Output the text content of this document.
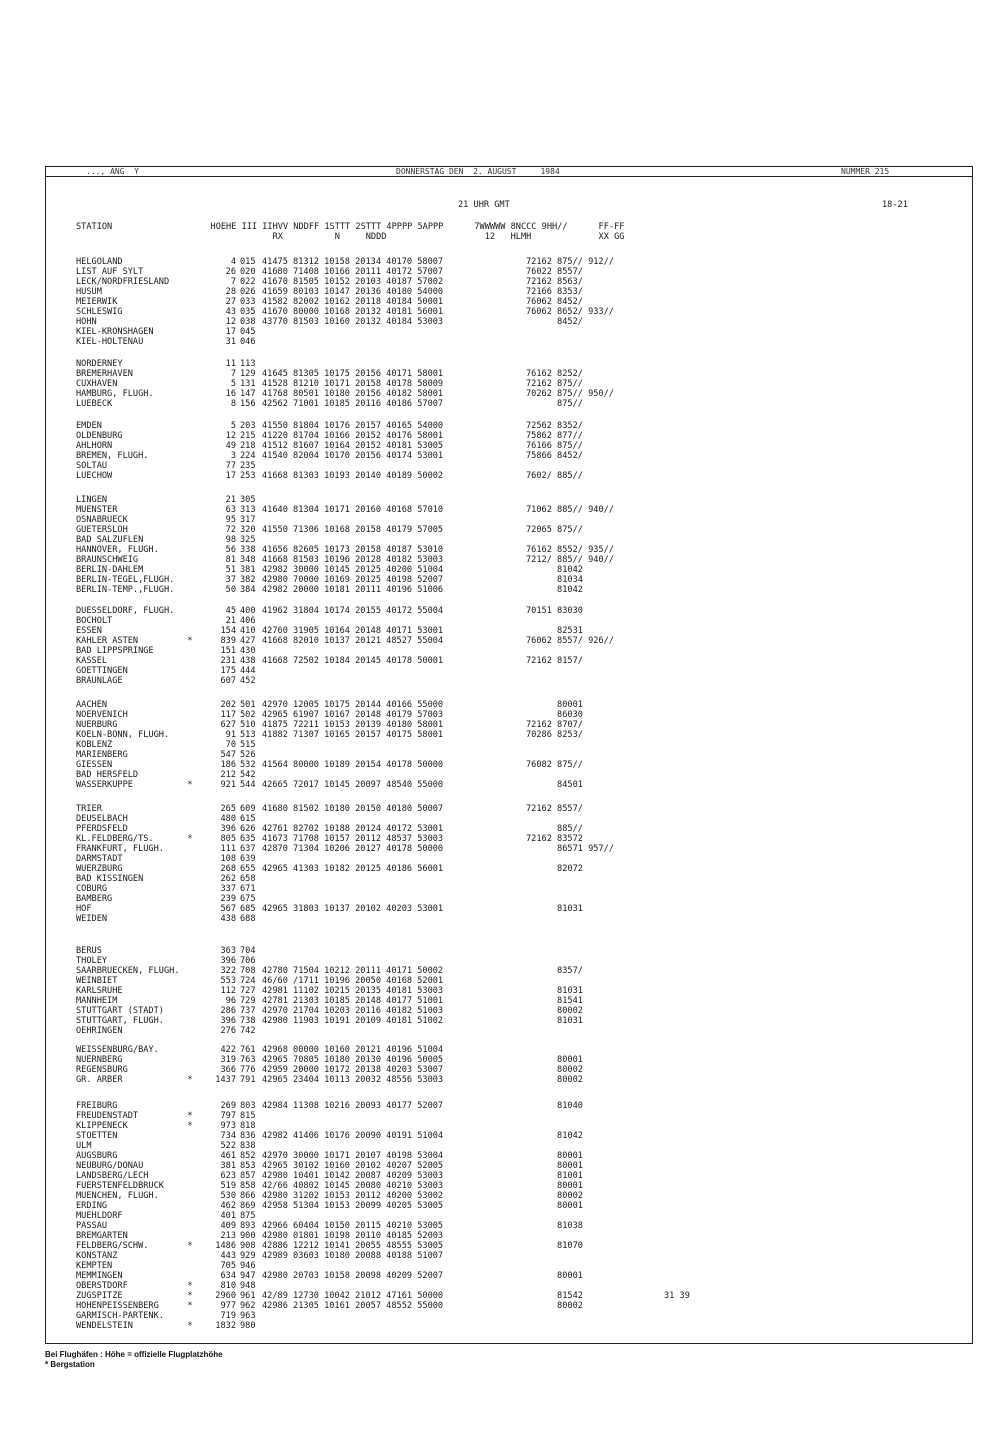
..., ANG  Y	DONNERSTAG DEN  2. AUGUST     1984	NUMMER 215
21 UHR GMT	18-21
STATION                   HOEHE III IIHVV NDDFF 1STTT 2STTT 4PPPP 5APPP      7WWWWW 8NCCC 9HH//      FF-FF
RX          N     NDDD                   12   HLMH             XX GG
HELGOLAND	4 015 41475 81312 10158 20134 40170 58007	72162 875// 912//
LIST AUF SYLT	26 020 41680 71408 10166 20111 40172 57007	76022 8557/
LECK/NORDFRIESLAND	7 022 41670 81505 10152 20103 40187 57002	72162 8563/
HUSUM	28 026 41659 80103 10147 20136 40180 54000	72166 8353/
MEIERWIK	27 033 41582 82002 10162 20118 40184 50001	76062 8452/
SCHLESWIG	43 035 41670 80000 10168 20132 40181 56001	76062 8652/ 933//
HOHN	12 038 43770 81503 10160 20132 40184 53003	8452/
KIEL-KRONSHAGEN	17 045
KIEL-HOLTENAU	31 046
NORDERNEY	11 113
BREMERHAVEN	7 129 41645 81305 10175 20156 40171 58001	76162 8252/
CUXHAVEN	5 131 41528 81210 10171 20158 40178 58009	72162 875//
HAMBURG, FLUGH.	16 147 41768 80501 10180 20156 40182 58001	70262 875// 950//
LUEBECK	8 156 42562 71001 10185 20116 40186 57007	875//
EMDEN	5 203 41550 81804 10176 20157 40165 54000	72562 8352/
OLDENBURG	12 215 41220 81704 10166 20152 40176 58001	75862 877//
AHLHORN	49 218 41512 81607 10164 20152 40181 53005	76166 875//
BREMEN, FLUGH.	3 224 41540 82004 10170 20156 40174 53001	75866 8452/
SOLTAU	77 235
LUECHOW	17 253 41668 81303 10193 20140 40189 50002	7602/ 885//
LINGEN	21 305
MUENSTER	63 313 41640 81304 10171 20160 40168 57010	71062 885// 940//
OSNABRUECK	95 317
GUETERSLOH	72 320 41550 71306 10168 20158 40179 57005	72065 875//
BAD SALZUFLEN	98 325
HANNOVER, FLUGH.	56 338 41656 82605 10173 20158 40187 53010	76162 8552/ 935//
BRAUNSCHWEIG	81 348 41668 81503 10196 20128 40182 53003	7212/ 885// 940//
BERLIN-DAHLEM	51 381 42982 30000 10145 20125 40200 51004	81042
BERLIN-TEGEL,FLUGH.	37 382 42980 70000 10169 20125 40198 52007	81034
BERLIN-TEMP.,FLUGH.	50 384 42982 20000 10181 20111 40196 51006	81042
DUESSELDORF, FLUGH.	45 400 41962 31804 10174 20155 40172 55004	70151 83030
BOCHOLT	21 406
ESSEN	154 410 42760 31905 10164 20148 40171 53001	82531
KAHLER ASTEN	*	839 427 41668 82010 10137 20121 48527 55004	76062 8557/ 926//
BAD LIPPSPRINGE	151 430
KASSEL	231 438 41668 72502 10184 20145 40178 50001	72162 8157/
GOETTINGEN	175 444
BRAUNLAGE	607 452
AACHEN	202 501 42970 12005 10175 20144 40166 55000	80001
NOERVENICH	117 502 42965 61907 10167 20148 40179 57003	86030
NUERBURG	627 510 41875 72211 10153 20139 40180 58001	72162 8707/
KOELN-BONN, FLUGH.	91 513 41882 71307 10165 20157 40175 58001	70286 8253/
KOBLENZ	70 515
MARIENBERG	547 526
GIESSEN	186 532 41564 80000 10189 20154 40178 50000	76082 875//
BAD HERSFELD	212 542
WASSERKUPPE	*	921 544 42665 72017 10145 20097 48540 55000	84501
TRIER	265 609 41680 81502 10180 20150 40180 50007	72162 8557/
DEUSELBACH	480 615
PFERDSFELD	396 626 42761 82702 10188 20124 40172 53001	885//
KL.FELDBERG/TS.	*	805 635 41673 71708 10157 20112 48537 53003	72162 83572
FRANKFURT, FLUGH.	111 637 42870 71304 10206 20127 40178 50000	86571 957//
DARMSTADT	108 639
WUERZBURG	268 655 42965 41303 10182 20125 40186 56001	82072
BAD KISSINGEN	262 658
COBURG	337 671
BAMBERG	239 675
HOF	567 685 42965 31803 10137 20102 40203 53001	81031
WEIDEN	438 688
BERUS	363 704
THOLEY	396 706
SAARBRUECKEN, FLUGH.	322 708 42780 71504 10212 20111 40171 50002	8357/
WEINBIET	553 724 46/60 /1711 10196 20050 40168 52001
KARLSRUHE	112 727 42981 11102 10215 20135 40181 53003	81031
MANNHEIM	96 729 42781 21303 10185 20148 40177 51001	81541
STUTTGART (STADT)	286 737 42970 21704 10203 20116 40182 51003	80002
STUTTGART, FLUGH.	396 738 42980 11903 10191 20109 40181 51002	81031
OEHRINGEN	276 742
WEISSENBURG/BAY.	422 761 42968 00000 10160 20121 40196 51004
NUERNBERG	319 763 42965 70805 10180 20130 40196 50005	80001
REGENSBURG	366 776 42959 20000 10172 20138 40203 53007	80002
GR. ARBER	*	1437 791 42965 23404 10113 20032 48556 53003	80002
FREIBURG	269 803 42984 11308 10216 20093 40177 52007	81040
FREUDENSTADT	*	797 815
KLIPPENECK	*	973 818
STOETTEN	734 836 42982 41406 10176 20090 40191 51004	81042
ULM	522 838
AUGSBURG	461 852 42970 30000 10171 20107 40198 53004	80001
NEUBURG/DONAU	381 853 42965 30102 10160 20102 40207 52005	80001
LANDSBERG/LECH	623 857 42980 10401 10142 20087 40209 53003	81001
FUERSTENFELDBRUCK	519 858 42/66 40802 10145 20080 40210 53003	80001
MUENCHEN, FLUGH.	530 866 42980 31202 10153 20112 40200 53002	80002
ERDING	462 869 42958 51304 10153 20099 40205 53005	80001
MUEHLDORF	401 875
PASSAU	409 893 42966 60404 10150 20115 40210 53005	81038
BREMGARTEN	213 900 42980 01801 10198 20110 40185 52003
FELDBERG/SCHW.	*	1486 908 42886 12212 10141 20055 48555 53005	81070
KONSTANZ	443 929 42989 03603 10180 20088 40188 51007
KEMPTEN	705 946
MEMMINGEN	634 947 42980 20703 10158 20098 40209 52007	80001
OBERSTDORF	*	810 948
ZUGSPITZE	*	2960 961 42/89 12730 10042 21012 47161 50000	81542	31 39
HOHENPEISSENBERG	*	977 962 42986 21305 10161 20057 48552 55000	80002
GARMISCH-PARTENK.	719 963
WENDELSTEIN	*	1832 980
Bei Flughäfen : Höhe = offizielle Flugplatzhöhe
* Bergstation
